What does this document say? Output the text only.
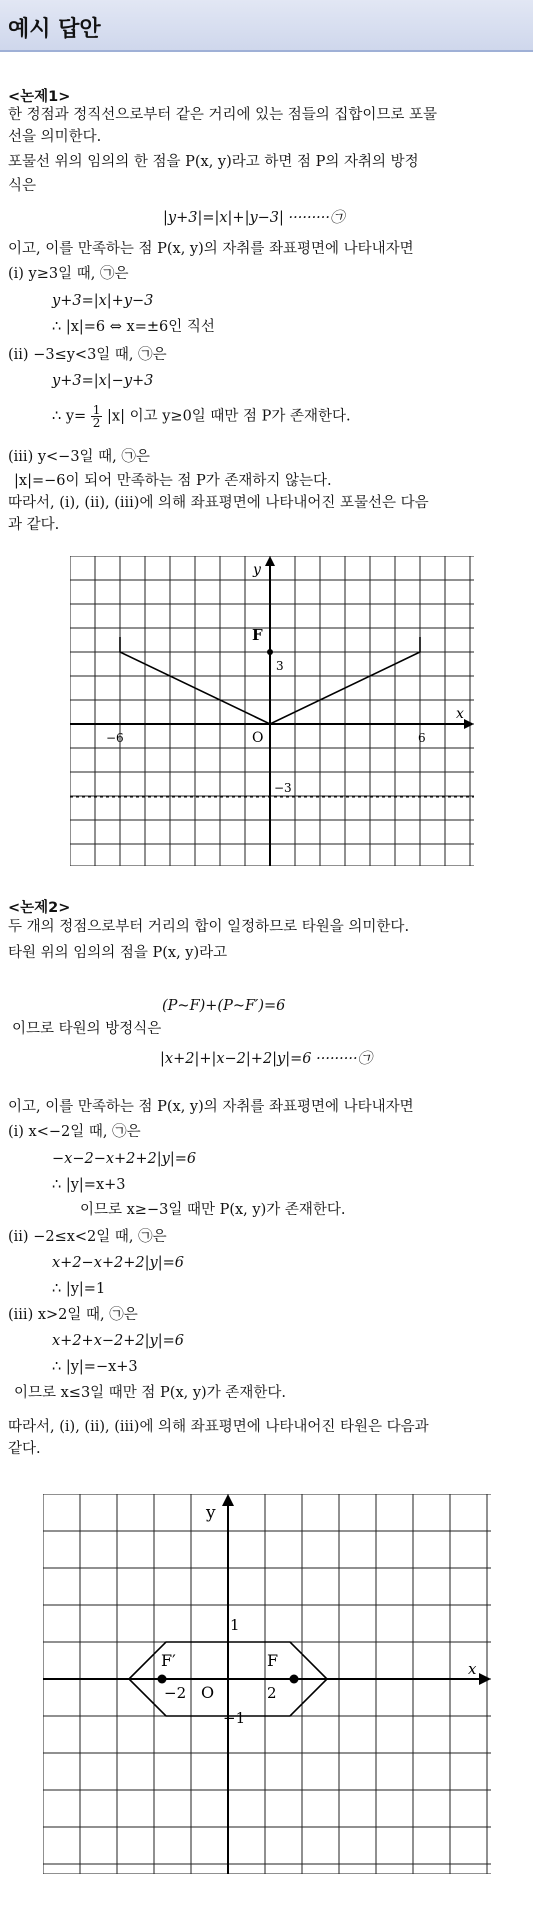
예시 답안
<논제1>
한 정점과 정직선으로부터 같은 거리에 있는 점들의 집합이므로 포물
선을 의미한다.
포물선 위의 임의의 한 점을 P(x, y)라고 하면 점 P의 자취의 방정
식은
|y+3|=|x|+|y−3| ·········㉠
이고, 이를 만족하는 점 P(x, y)의 자취를 좌표평면에 나타내자면
(i) y≥3일 때, ㉠은
y+3=|x|+y−3
∴ |x|=6 ⇔ x=±6인 직선
(ii) −3≤y<3일 때, ㉠은
y+3=|x|−y+3
∴ $y= \frac{1}{2} |x|$ 이고 y≥0일 때만 점 P가 존재한다.
(iii) y<−3일 때, ㉠은
|x|=−6이 되어 만족하는 점 P가 존재하지 않는다.
따라서, (i), (ii), (iii)에 의해 좌표평면에 나타내어진 포물선은 다음
과 같다.
y
x
F
3
O
−6	6
−3
<논제2>
두 개의 정점으로부터 거리의 합이 일정하므로 타원을 의미한다.
타원 위의 임의의 점을 P(x, y)라고
(P~F)+(P~F′)=6
이므로 타원의 방정식은
|x+2|+|x−2|+2|y|=6 ·········㉠
이고, 이를 만족하는 점 P(x, y)의 자취를 좌표평면에 나타내자면
(i) x<−2일 때, ㉠은
−x−2−x+2+2|y|=6
∴ |y|=x+3
이므로 x≥−3일 때만 P(x, y)가 존재한다.
(ii) −2≤x<2일 때, ㉠은
x+2−x+2+2|y|=6
∴ |y|=1
(iii) x>2일 때, ㉠은
x+2+x−2+2|y|=6
∴ |y|=−x+3
이므로 x≤3일 때만 점 P(x, y)가 존재한다.
따라서, (i), (ii), (iii)에 의해 좌표평면에 나타내어진 타원은 다음과
같다.
y
x
F′	F
−2 O	2
1
−1
